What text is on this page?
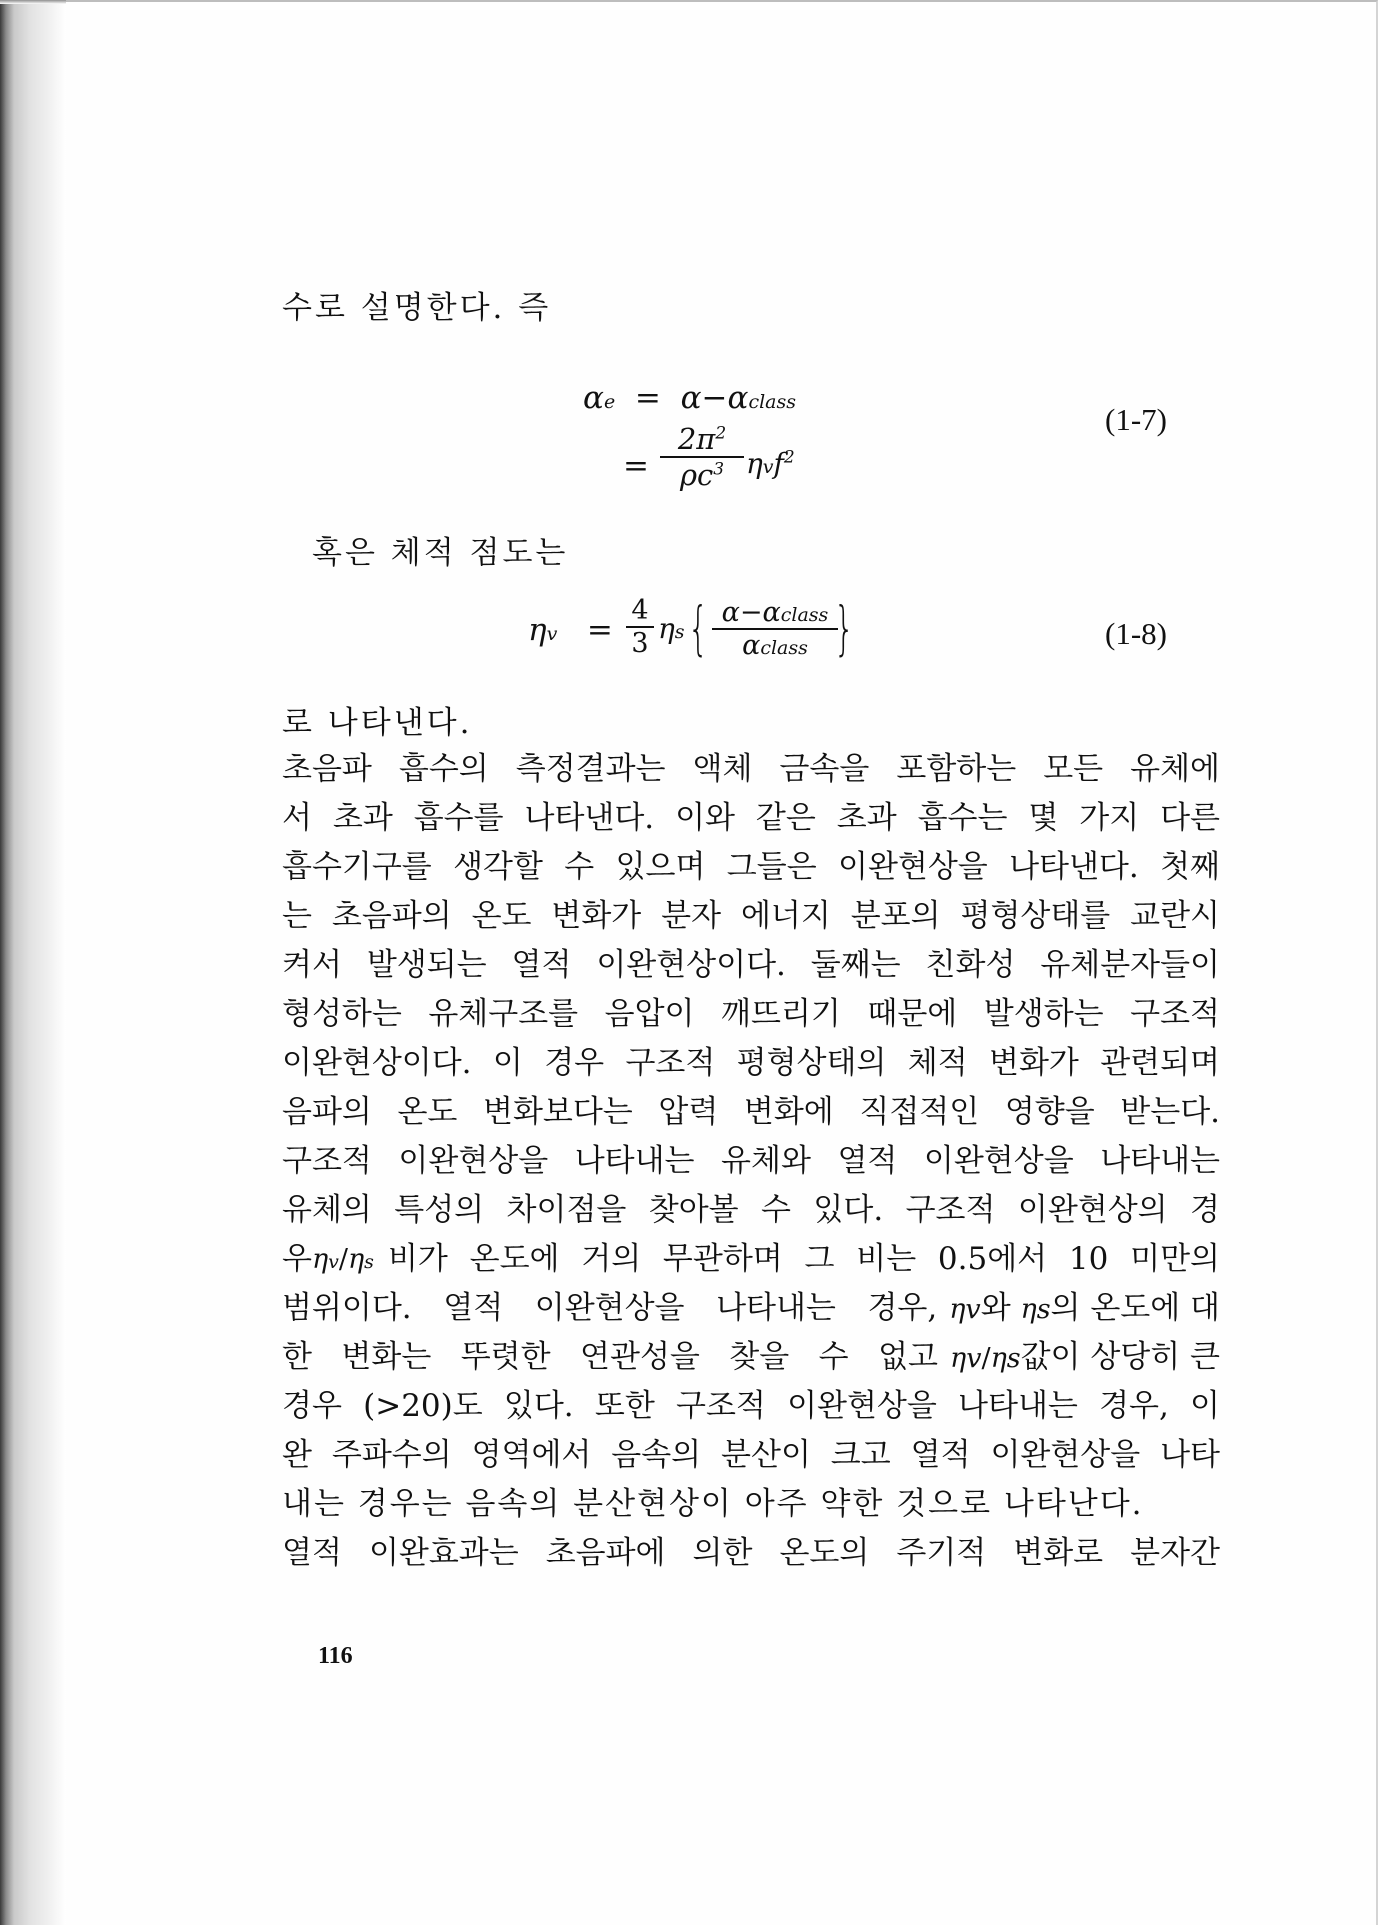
수로 설명한다. 즉
αe = α−αclass
= $\frac{2\pi^2}{\rho c^3} \eta vf^2$
(1-7)
혹은 체적 점도는
$\eta v = \frac{4}{3}$ ηs { α−αclass
αclass }	(1-8)
로 나타낸다.
초음파 흡수의 측정결과는 액체 금속을 포함하는 모든 유체에
서 초과 흡수를 나타낸다. 이와 같은 초과 흡수는 몇 가지 다른
흡수기구를 생각할 수 있으며 그들은 이완현상을 나타낸다. 첫째
는 초음파의 온도 변화가 분자 에너지 분포의 평형상태를 교란시
켜서 발생되는 열적 이완현상이다. 둘째는 친화성 유체분자들이
형성하는 유체구조를 음압이 깨뜨리기 때문에 발생하는 구조적
이완현상이다. 이 경우 구조적 평형상태의 체적 변화가 관련되며
음파의 온도 변화보다는 압력 변화에 직접적인 영향을 받는다.
구조적 이완현상을 나타내는 유체와 열적 이완현상을 나타내는
유체의 특성의 차이점을 찾아볼 수 있다. 구조적 이완현상의 경
우 ηv/ηs 비가 온도에 거의 무관하며 그 비는 0.5에서 10 미만의
범위이다. 열적 이완현상을 나타내는 경우, ηv와 ηs의 온도에 대
한 변화는 뚜렷한 연관성을 찾을 수 없고 ηv/ηs값이 상당히 큰
경우 (>20)도 있다. 또한 구조적 이완현상을 나타내는 경우, 이
완 주파수의 영역에서 음속의 분산이 크고 열적 이완현상을 나타
내는 경우는 음속의 분산현상이 아주 약한 것으로 나타난다.
열적 이완효과는 초음파에 의한 온도의 주기적 변화로 분자간
116
